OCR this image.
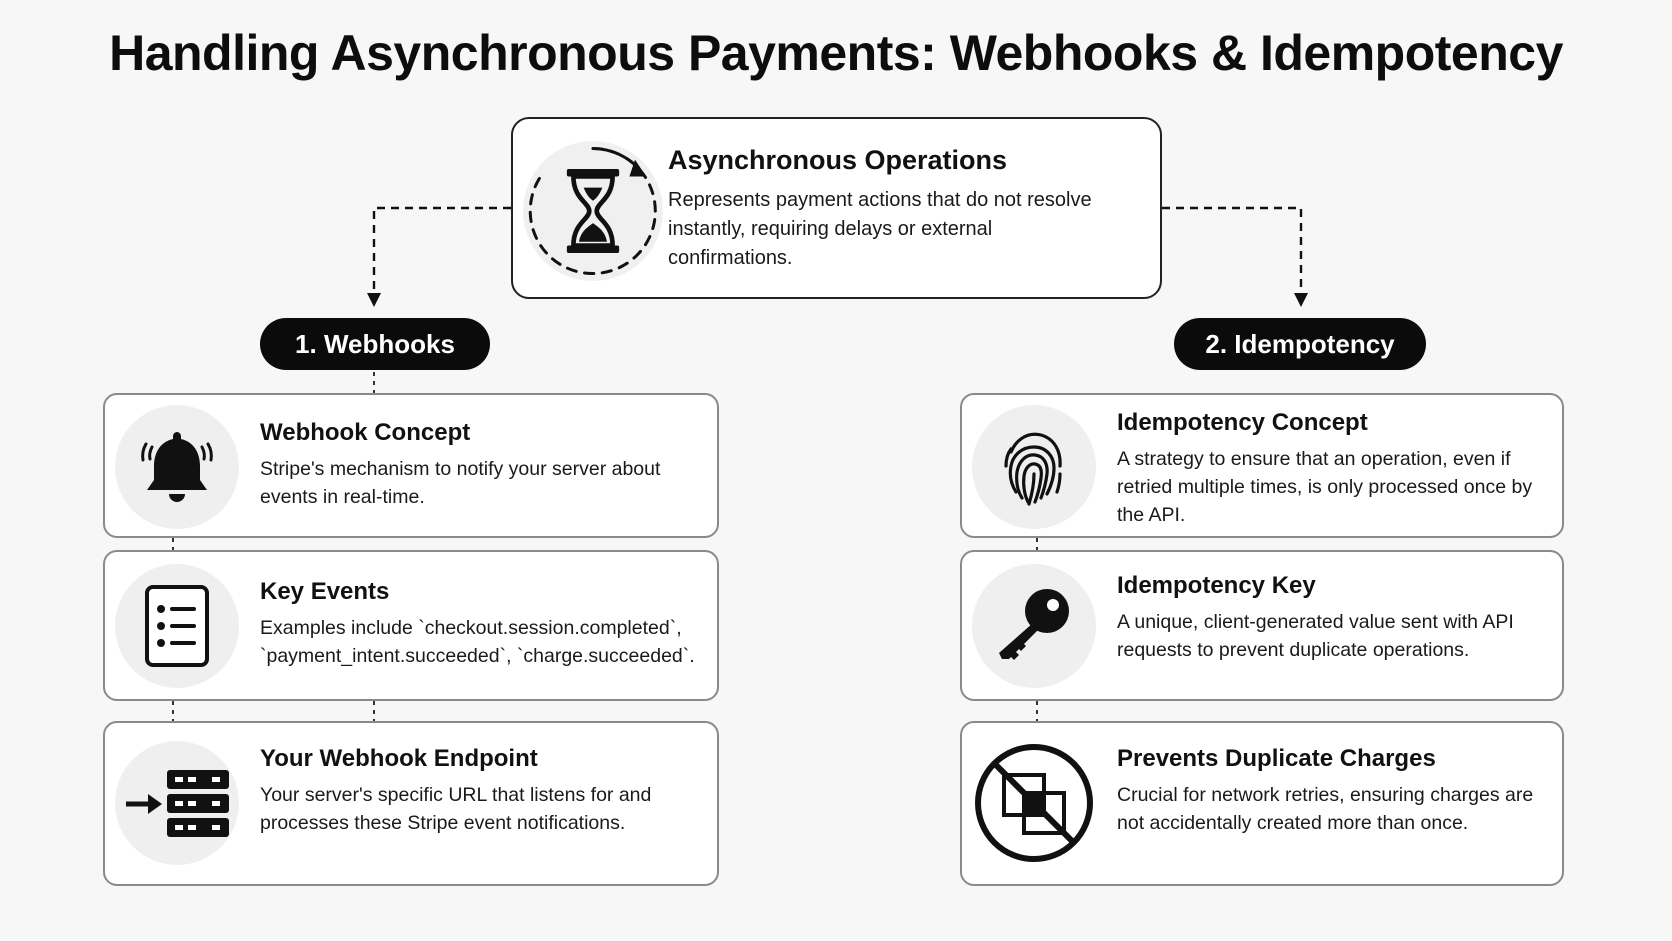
Handling Asynchronous Payments: Webhooks & Idempotency
Asynchronous Operations

Represents payment actions that do not resolve instantly, requiring delays or external confirmations.

1. Webhooks	2. Idempotency
Webhook Concept

Stripe's mechanism to notify your server about events in real-time.

Key Events

Examples include `checkout.session.completed`, `payment_intent.succeeded`, `charge.succeeded`.

Your Webhook Endpoint

Your server's specific URL that listens for and processes these Stripe event notifications.

Idempotency Concept

A strategy to ensure that an operation, even if retried multiple times, is only processed once by the API.

Idempotency Key

A unique, client-generated value sent with API requests to prevent duplicate operations.

Prevents Duplicate Charges

Crucial for network retries, ensuring charges are not accidentally created more than once.
